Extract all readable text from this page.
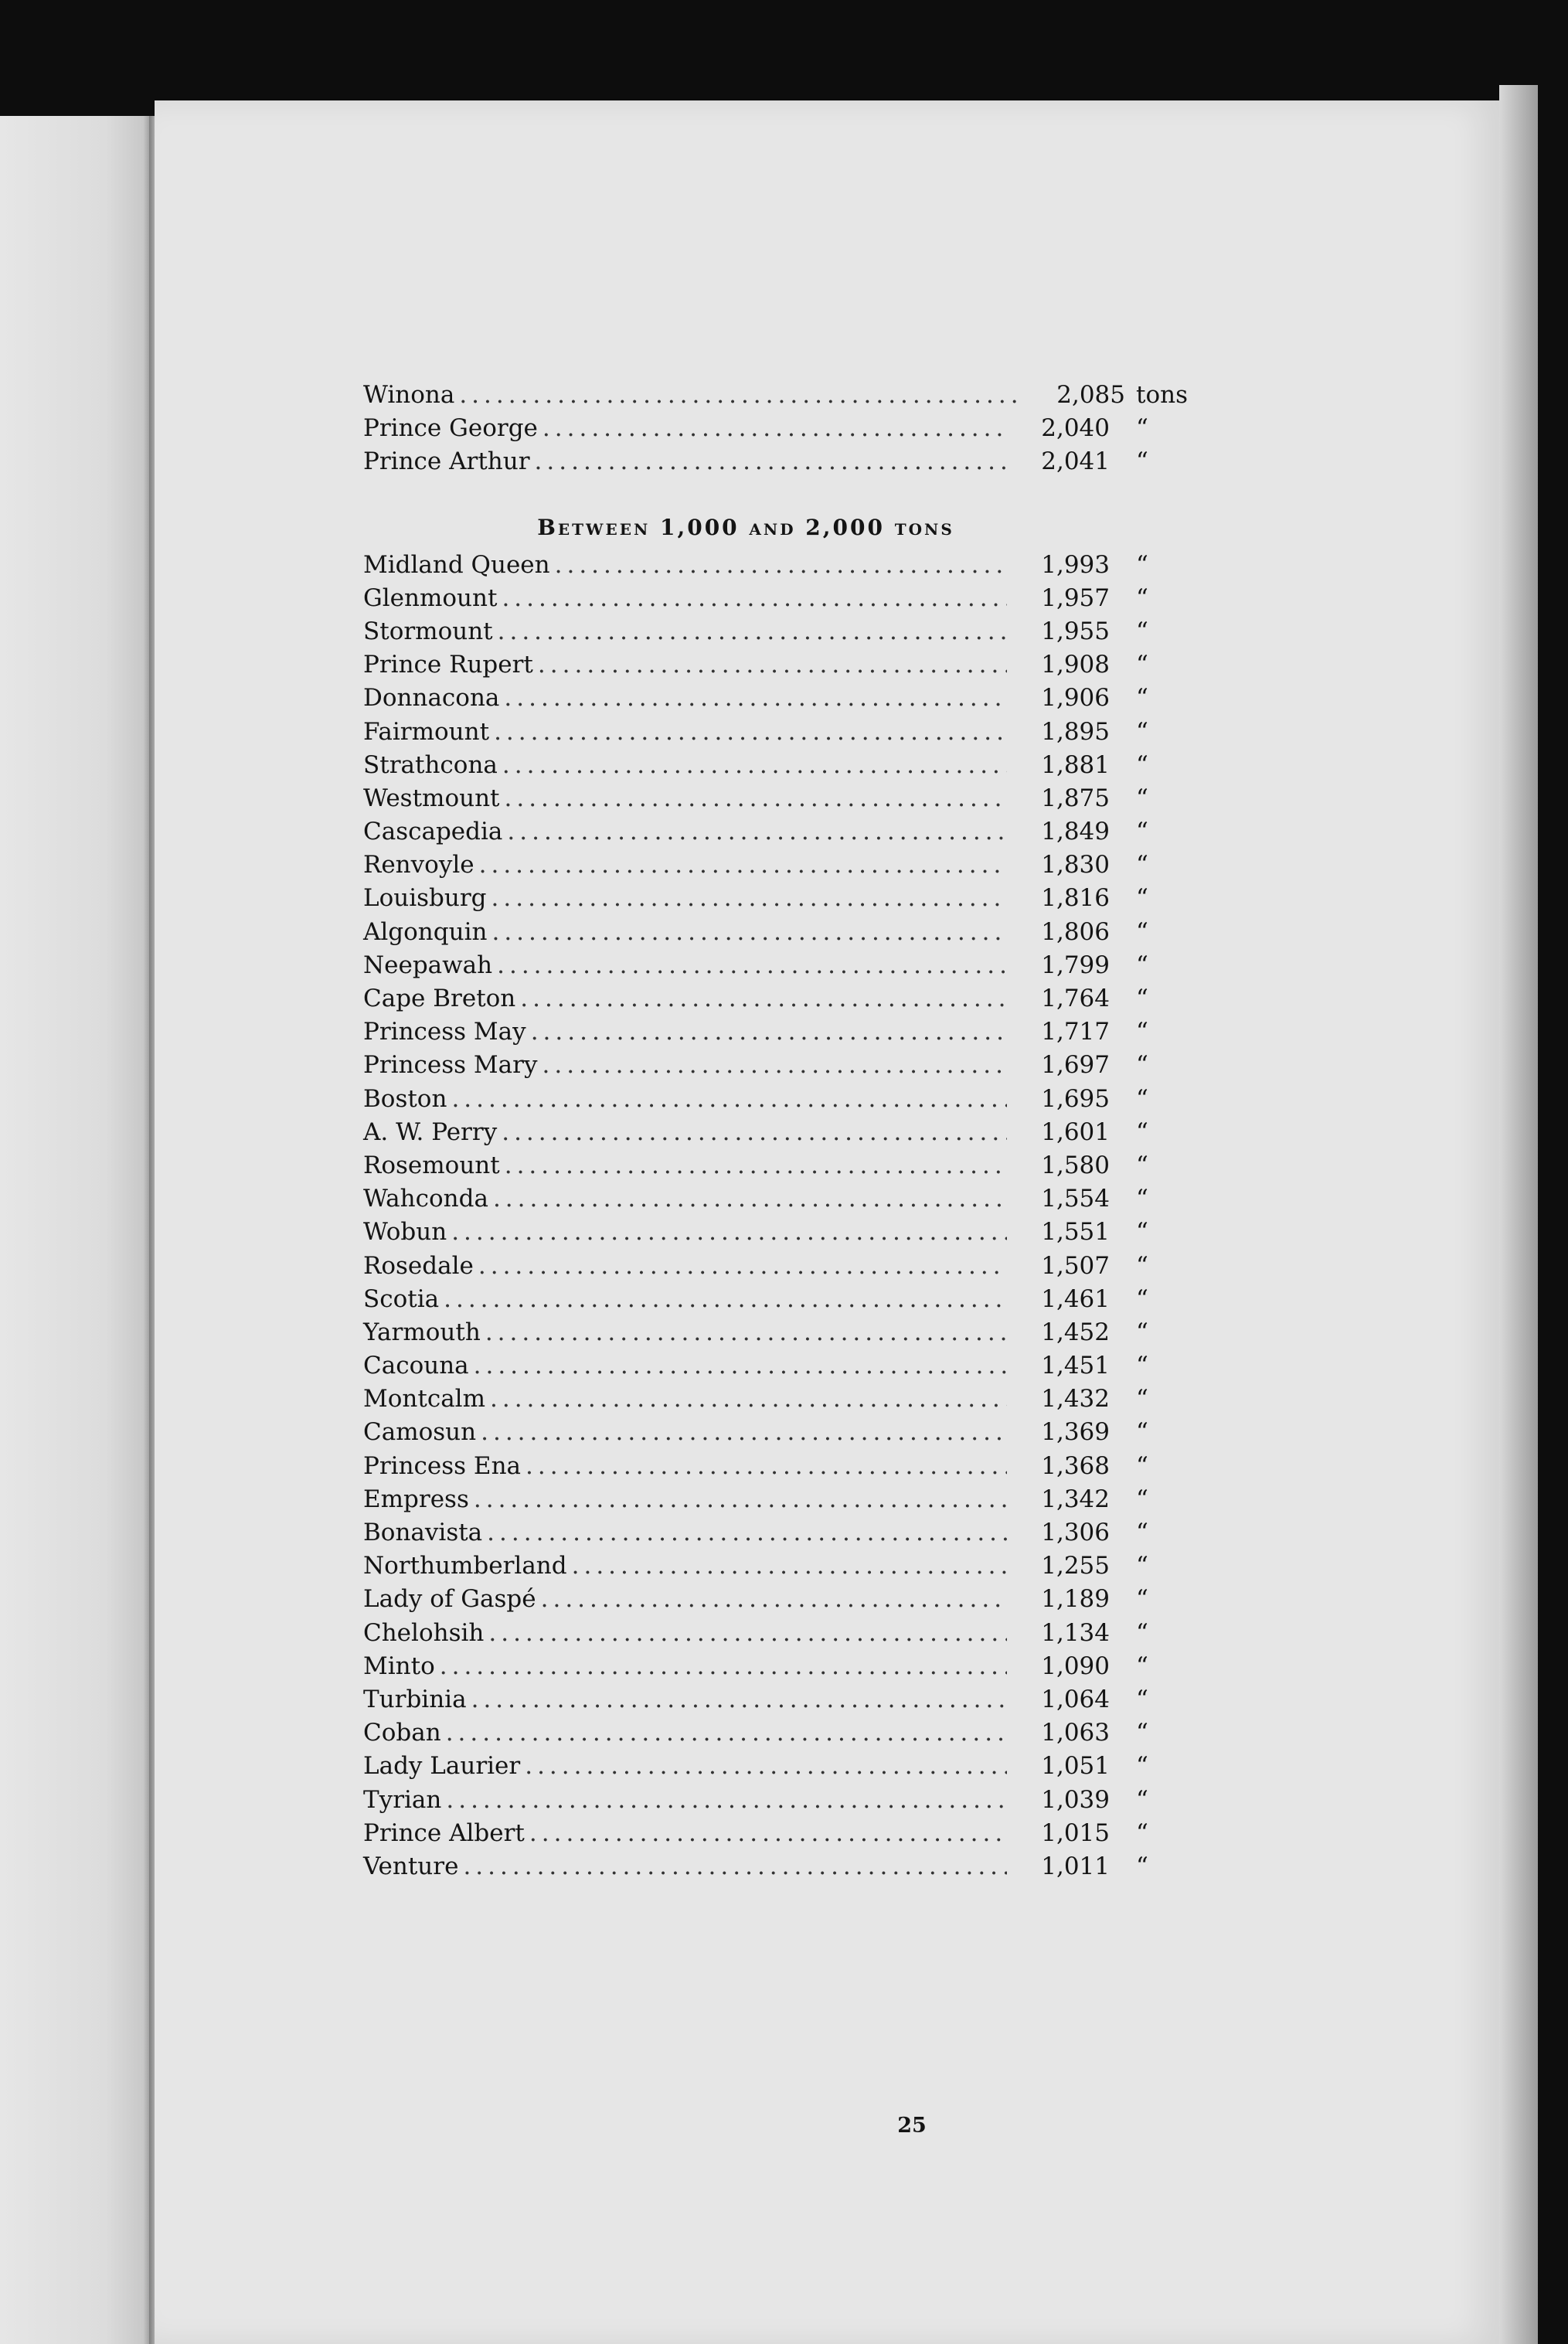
25
Winona .....	2,085 tons
Prince George .....	2,040	“
Prince Arthur .....	2,041	“
Between 1,000 and 2,000 tons
Midland Queen .....	1,993	“
Glenmount .....	1,957	“
Stormount .....	1,955	“
Prince Rupert .....	1,908	“
Donnacona .....	1,906	“
Fairmount .....	1,895	“
Strathcona .....	1,881	“
Westmount .....	1,875	“
Cascapedia .....	1,849	“
Renvoyle .....	1,830	“
Louisburg .....	1,816	“
Algonquin .....	1,806	“
Neepawah .....	1,799	“
Cape Breton .....	1,764	“
Princess May .....	1,717	“
Princess Mary .....	1,697	“
Boston .....	1,695	“
A. W. Perry .....	1,601	“
Rosemount .....	1,580	“
Wahconda .....	1,554	“
Wobun .....	1,551	“
Rosedale .....	1,507	“
Scotia .....	1,461	“
Yarmouth .....	1,452	“
Cacouna .....	1,451	“
Montcalm .....	1,432	“
Camosun .....	1,369	“
Princess Ena .....	1,368	“
Empress .....	1,342	“
Bonavista .....	1,306	“
Northumberland .....	1,255	“
Lady of Gaspé .....	1,189	“
Chelohsih .....	1,134	“
Minto .....	1,090	“
Turbinia .....	1,064	“
Coban .....	1,063	“
Lady Laurier .....	1,051	“
Tyrian .....	1,039	“
Prince Albert .....	1,015	“
Venture .....	1,011	“
